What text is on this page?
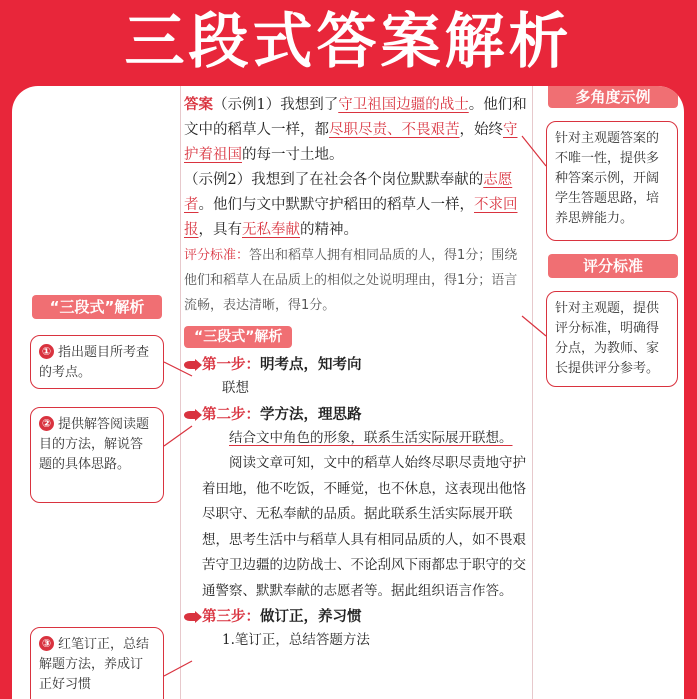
三段式答案解析
“三段式”解析
① 指出题目所考查的考点。
② 提供解答阅读题目的方法，解说答题的具体思路。
③ 红笔订正，总结解题方法，养成订正好习惯
多角度示例
针对主观题答案的不唯一性，提供多种答案示例，开阔学生答题思路，培养思辨能力。
评分标准
针对主观题，提供评分标准，明确得分点，为教师、家长提供评分参考。

答案（示例1）我想到了守卫祖国边疆的战士。他们和文中的稻草人一样，都尽职尽责、不畏艰苦，始终守护着祖国的每一寸土地。

（示例2）我想到了在社会各个岗位默默奉献的志愿者。他们与文中默默守护稻田的稻草人一样，不求回报，具有无私奉献的精神。

评分标准：答出和稻草人拥有相同品质的人，得1分；围绕他们和稻草人在品质上的相似之处说明理由，得1分；语言流畅，表达清晰，得1分。

“三段式”解析
第一步：明考点，知考向

联想

第二步：学方法，理思路

结合文中角色的形象，联系生活实际展开联想。

阅读文章可知，文中的稻草人始终尽职尽责地守护着田地，他不吃饭，不睡觉，也不休息，这表现出他恪尽职守、无私奉献的品质。据此联系生活实际展开联想，思考生活中与稻草人具有相同品质的人，如不畏艰苦守卫边疆的边防战士、不论刮风下雨都忠于职守的交通警察、默默奉献的志愿者等。据此组织语言作答。

第三步：做订正，养习惯

1.笔订正，总结答题方法
